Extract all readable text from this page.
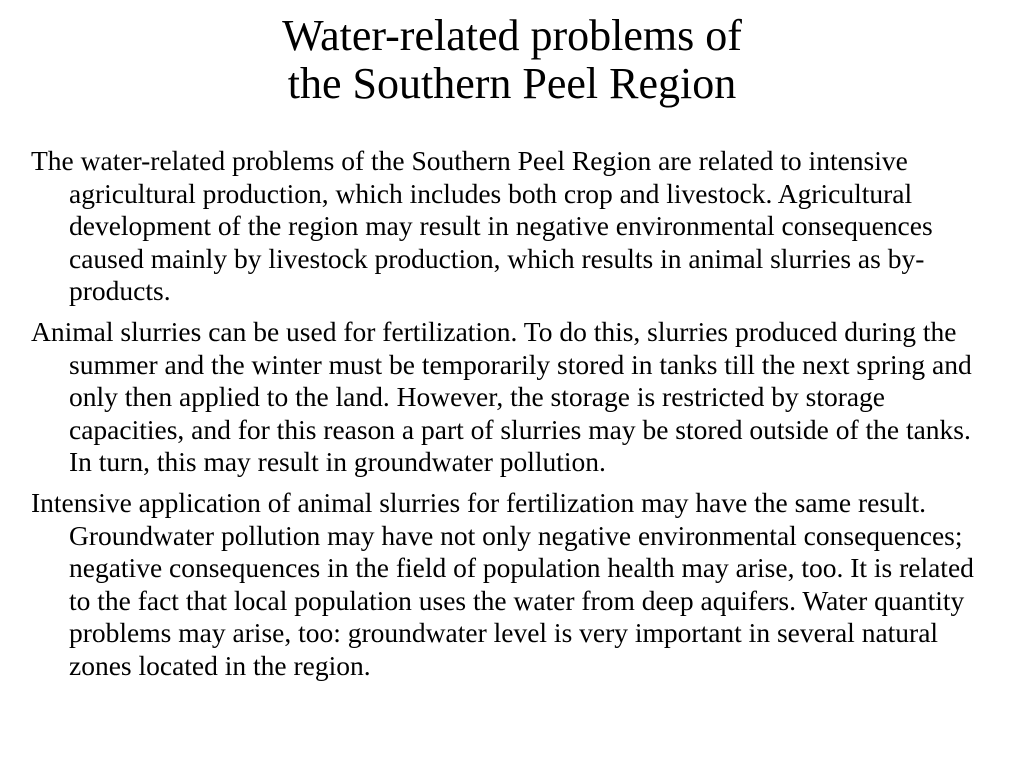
Water-related problems of
the Southern Peel Region

The water-related problems of the Southern Peel Region are related to intensive agricultural production, which includes both crop and livestock. Agricultural development of the region may result in negative environmental consequences caused mainly by livestock production, which results in animal slurries as by-products.

Animal slurries can be used for fertilization. To do this, slurries produced during the summer and the winter must be temporarily stored in tanks till the next spring and only then applied to the land. However, the storage is restricted by storage capacities, and for this reason a part of slurries may be stored outside of the tanks. In turn, this may result in groundwater pollution.

Intensive application of animal slurries for fertilization may have the same result. Groundwater pollution may have not only negative environmental consequences; negative consequences in the field of population health may arise, too. It is related to the fact that local population uses the water from deep aquifers. Water quantity problems may arise, too: groundwater level is very important in several natural zones located in the region.
